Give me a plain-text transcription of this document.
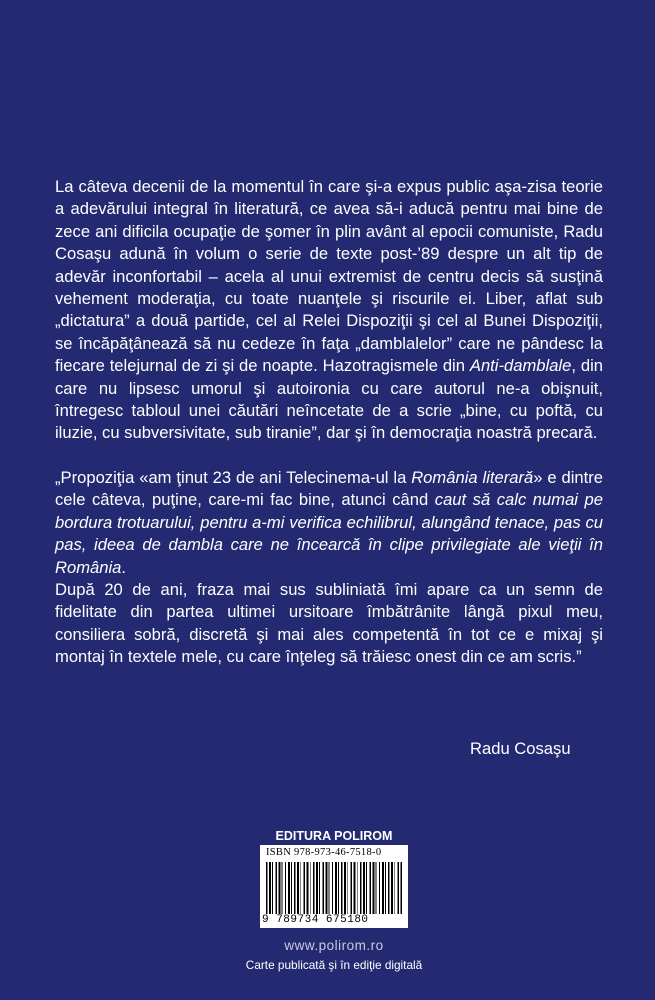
La câteva decenii de la momentul în care şi-a expus public aşa-zisa teorie a adevărului integral în literatură, ce avea să-i aducă pentru mai bine de zece ani dificila ocupaţie de şomer în plin avânt al epocii comuniste, Radu Cosaşu adună în volum o serie de texte post-’89 despre un alt tip de adevăr inconfortabil – acela al unui extremist de centru decis să susţină vehement moderaţia, cu toate nuanţele şi riscurile ei. Liber, aflat sub „dictatura” a două partide, cel al Relei Dispoziţii şi cel al Bunei Dispoziţii, se încăpăţânează să nu cedeze în faţa „damblalelor” care ne pândesc la fiecare telejurnal de zi şi de noapte. Hazotragismele din Anti-damblale, din care nu lipsesc umorul şi autoironia cu care autorul ne-a obişnuit, întregesc tabloul unei căutări neîncetate de a scrie „bine, cu poftă, cu iluzie, cu subversivitate, sub tiranie”, dar şi în democraţia noastră precară.

„Propoziţia «am ţinut 23 de ani Telecinema-ul la România literară» e dintre cele câteva, puţine, care-mi fac bine, atunci când caut să calc numai pe bordura trotuarului, pentru a-mi verifica echilibrul, alungând tenace, pas cu pas, ideea de dambla care ne încearcă în clipe privilegiate ale vieţii în România.

După 20 de ani, fraza mai sus subliniată îmi apare ca un semn de fidelitate din partea ultimei ursitoare îmbătrânite lângă pixul meu, consiliera sobră, discretă şi mai ales competentă în tot ce e mixaj şi montaj în textele mele, cu care înţeleg să trăiesc onest din ce am scris.”

Radu Cosaşu
EDITURA POLIROM
ISBN 978-973-46-7518-0
9 789734 675180
www.polirom.ro
Carte publicată şi în ediţie digitală
